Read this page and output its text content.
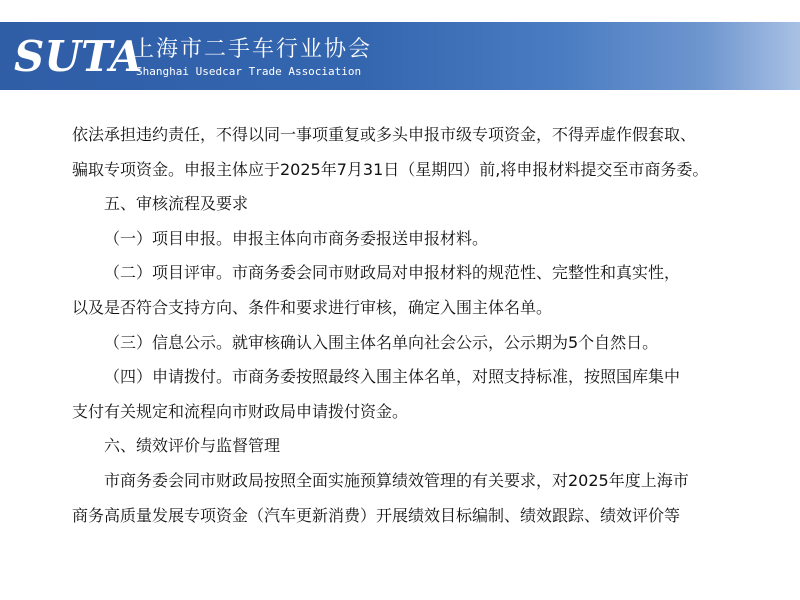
SUTA
上海市二手车行业协会
Shanghai Usedcar Trade Association
依法承担违约责任，不得以同一事项重复或多头申报市级专项资金，不得弄虚作假套取、
骗取专项资金。申报主体应于2025年7月31日（星期四）前,将申报材料提交至市商务委。
五、审核流程及要求
（一）项目申报。申报主体向市商务委报送申报材料。
（二）项目评审。市商务委会同市财政局对申报材料的规范性、完整性和真实性，
以及是否符合支持方向、条件和要求进行审核，确定入围主体名单。
（三）信息公示。就审核确认入围主体名单向社会公示，公示期为5个自然日。
（四）申请拨付。市商务委按照最终入围主体名单，对照支持标准，按照国库集中
支付有关规定和流程向市财政局申请拨付资金。
六、绩效评价与监督管理
市商务委会同市财政局按照全面实施预算绩效管理的有关要求，对2025年度上海市
商务高质量发展专项资金（汽车更新消费）开展绩效目标编制、绩效跟踪、绩效评价等
